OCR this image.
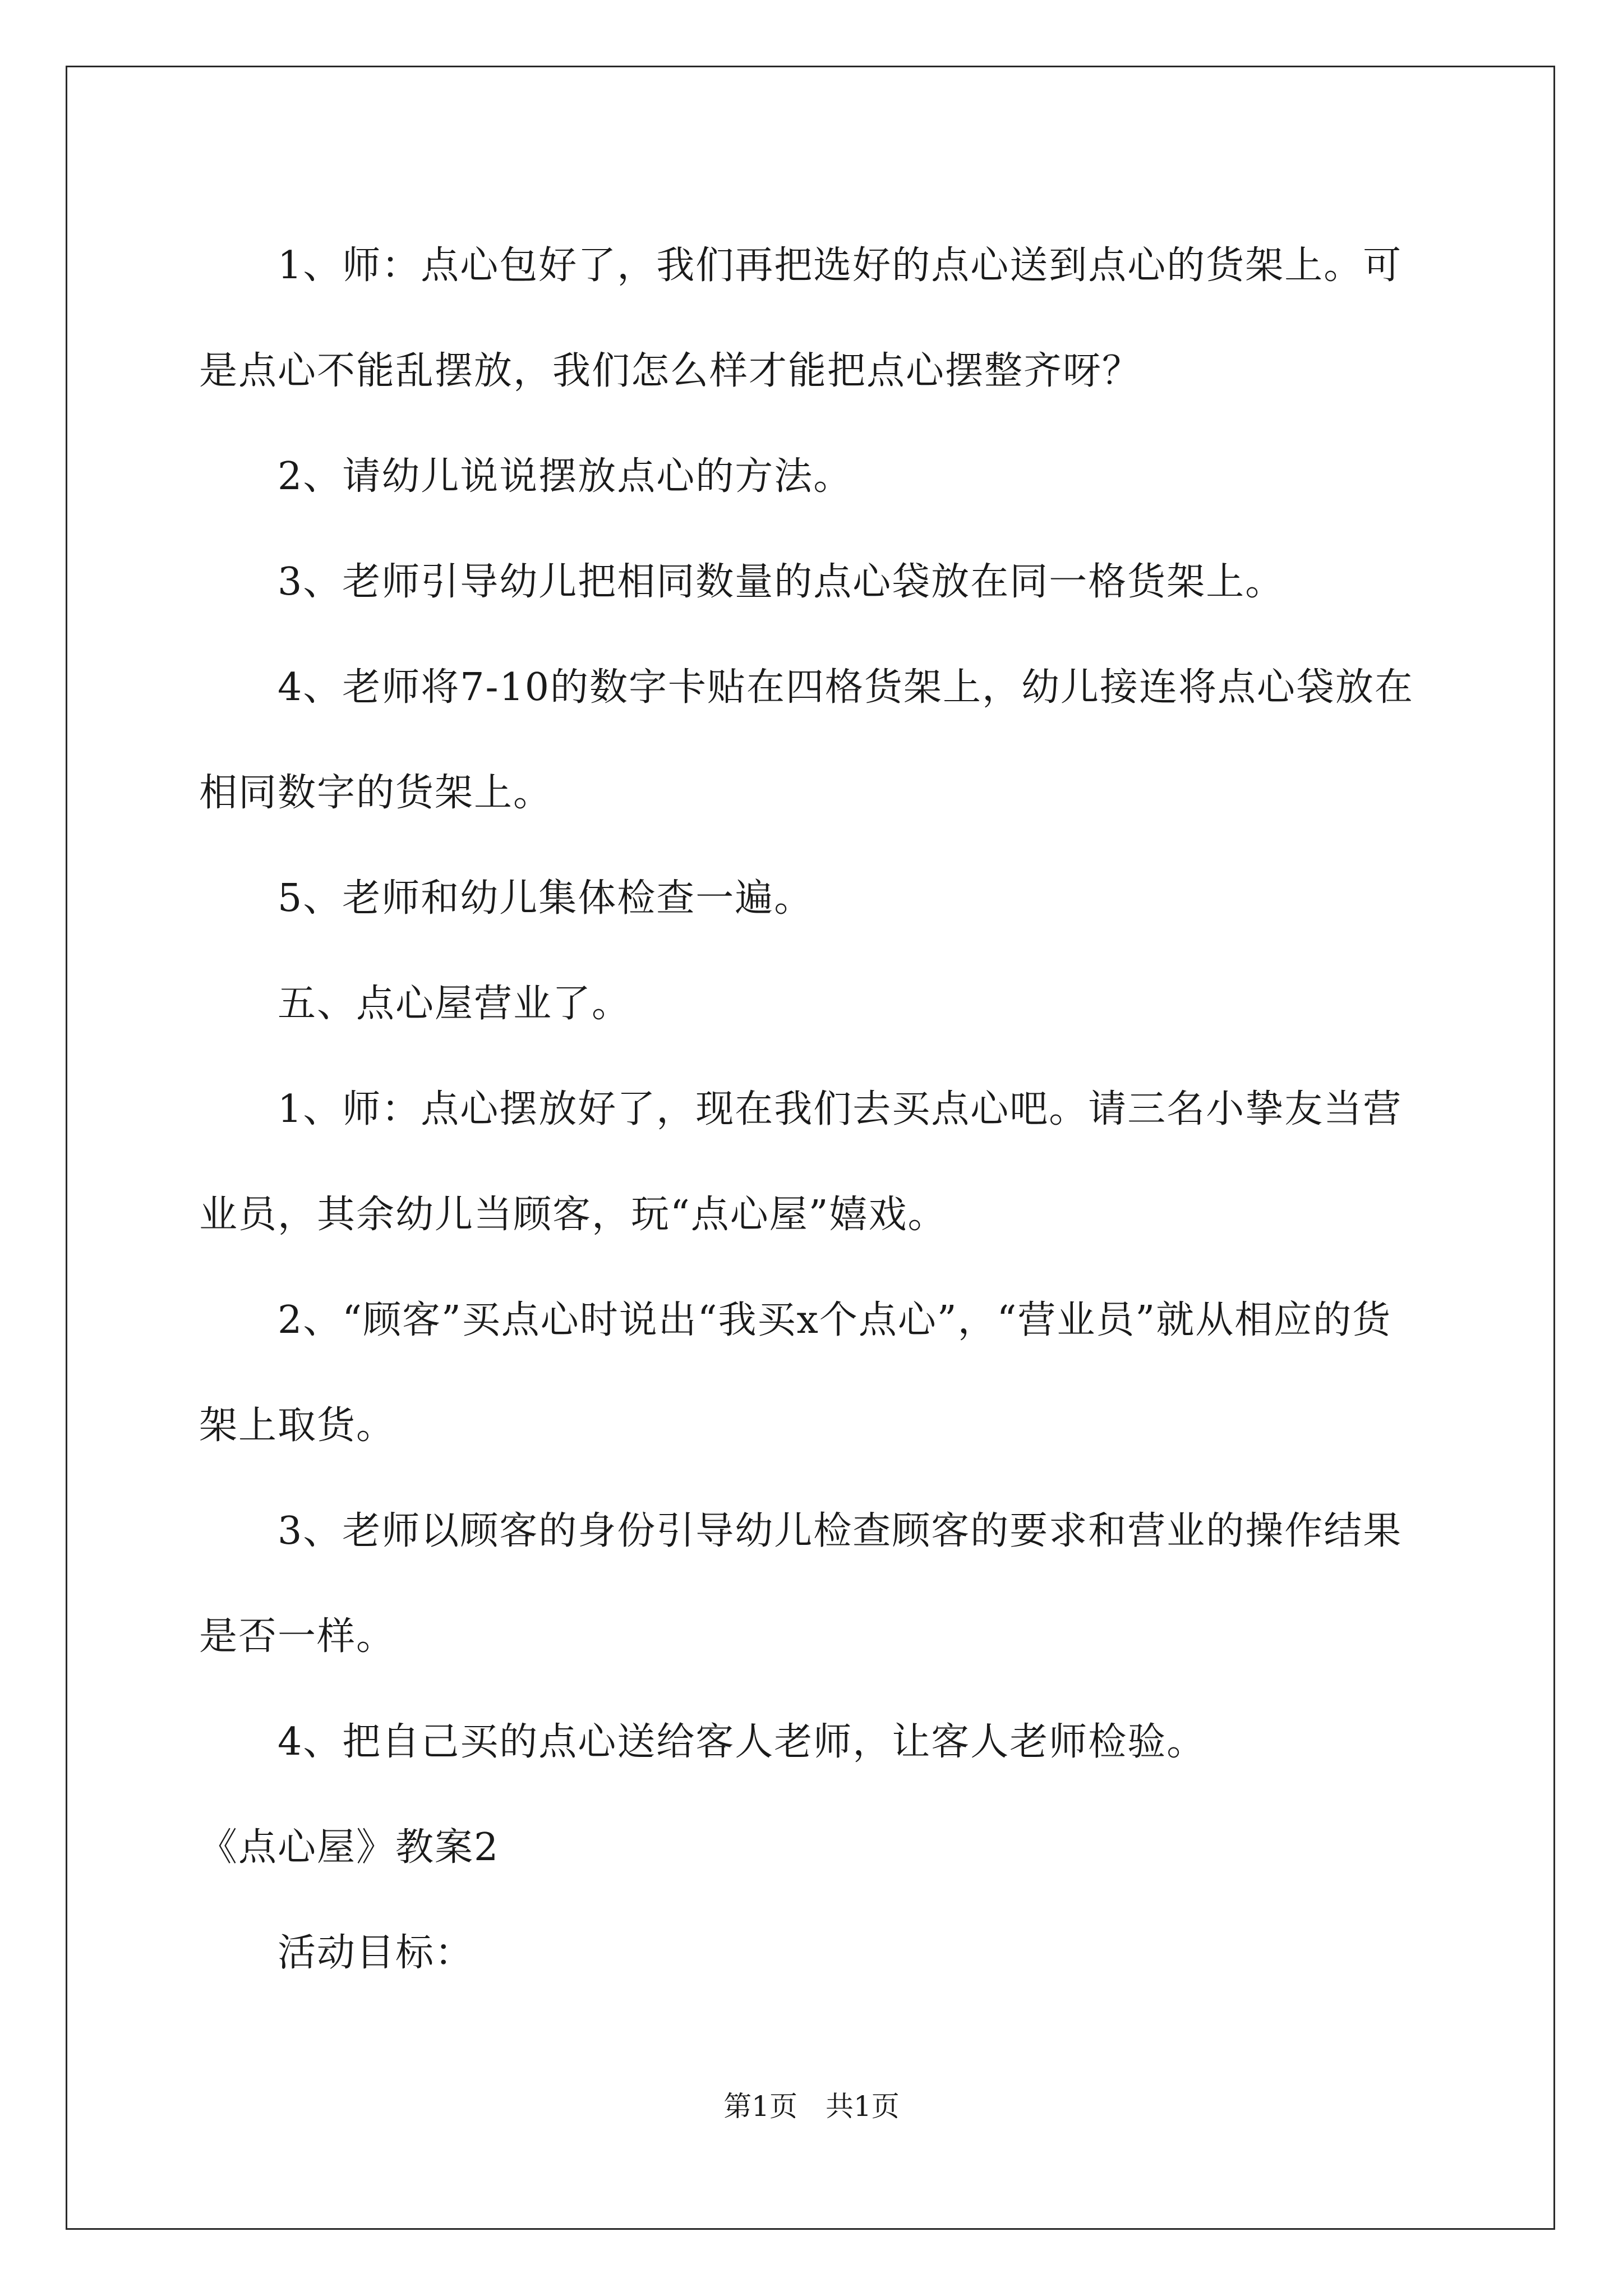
1、师：点心包好了，我们再把选好的点心送到点心的货架上。可是点心不能乱摆放，我们怎么样才能把点心摆整齐呀？

2、请幼儿说说摆放点心的方法。

3、老师引导幼儿把相同数量的点心袋放在同一格货架上。

4、老师将7-10的数字卡贴在四格货架上，幼儿接连将点心袋放在相同数字的货架上。

5、老师和幼儿集体检查一遍。

五、点心屋营业了。

1、师：点心摆放好了，现在我们去买点心吧。请三名小挚友当营业员，其余幼儿当顾客，玩“点心屋”嬉戏。

2、“顾客”买点心时说出“我买x个点心”，“营业员”就从相应的货架上取货。

3、老师以顾客的身份引导幼儿检查顾客的要求和营业的操作结果是否一样。

4、把自己买的点心送给客人老师，让客人老师检验。

《点心屋》教案2

活动目标：

第1页　共1页
